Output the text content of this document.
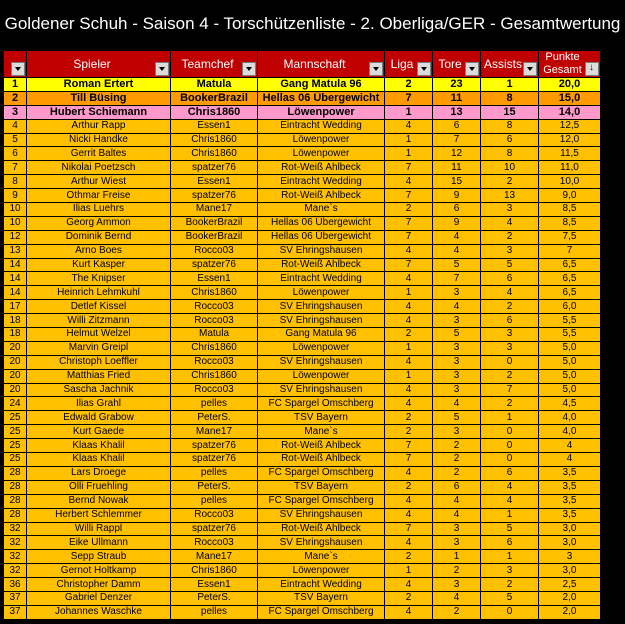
Goldener Schuh - Saison 4 - Torschützenliste - 2. Oberliga/GER - Gesamtwertung

	Spieler	Teamchef	Mannschaft	Liga	Tore	Assists	Punkte
Gesamt
↓

1	Roman Ertert	Matula	Gang Matula 96	2	23	1	20,0
2	Till Büsing	BookerBrazil	Hellas 06 Übergewicht	7	11	8	15,0
3	Hubert Schiemann	Chris1860	Löwenpower	1	13	15	14,0
4	Arthur Rapp	Essen1	Eintracht Wedding	4	6	8	12,5
5	Nicki Handke	Chris1860	Löwenpower	1	7	6	12,0
6	Gerrit Baltes	Chris1860	Löwenpower	1	12	8	11,5
7	Nikolai Poetzsch	spatzer76	Rot-Weiß Ahlbeck	7	11	10	11,0
8	Arthur Wiest	Essen1	Eintracht Wedding	4	15	2	10,0
9	Othmar Freise	spatzer76	Rot-Weiß Ahlbeck	7	9	13	9,0
10	Ilias Luehrs	Mane17	Mane`s	2	6	3	8,5
10	Georg Ammon	BookerBrazil	Hellas 06 Übergewicht	7	9	4	8,5
12	Dominik Bernd	BookerBrazil	Hellas 06 Übergewicht	7	4	2	7,5
13	Arno Boes	Rocco03	SV Ehringshausen	4	4	3	7
14	Kurt Kasper	spatzer76	Rot-Weiß Ahlbeck	7	5	5	6,5
14	The Knipser	Essen1	Eintracht Wedding	4	7	6	6,5
14	Heinrich Lehmkuhl	Chris1860	Löwenpower	1	3	4	6,5
17	Detlef Kissel	Rocco03	SV Ehringshausen	4	4	2	6,0
18	Willi Zitzmann	Rocco03	SV Ehringshausen	4	3	6	5,5
18	Helmut Welzel	Matula	Gang Matula 96	2	5	3	5,5
20	Marvin Greipl	Chris1860	Löwenpower	1	3	3	5,0
20	Christoph Loeffler	Rocco03	SV Ehringshausen	4	3	0	5,0
20	Matthias Fried	Chris1860	Löwenpower	1	3	2	5,0
20	Sascha Jachnik	Rocco03	SV Ehringshausen	4	3	7	5,0
24	Ilias Grahl	pelles	FC Spargel Omschberg	4	4	2	4,5
25	Edwald Grabow	PeterS.	TSV Bayern	2	5	1	4,0
25	Kurt Gaede	Mane17	Mane`s	2	3	0	4,0
25	Klaas Khalil	spatzer76	Rot-Weiß Ahlbeck	7	2	0	4
25	Klaas Khalil	spatzer76	Rot-Weiß Ahlbeck	7	2	0	4
28	Lars Droege	pelles	FC Spargel Omschberg	4	2	6	3,5
28	Olli Fruehling	PeterS.	TSV Bayern	2	6	4	3,5
28	Bernd Nowak	pelles	FC Spargel Omschberg	4	4	4	3,5
28	Herbert Schlemmer	Rocco03	SV Ehringshausen	4	4	1	3,5
32	Willi Rappl	spatzer76	Rot-Weiß Ahlbeck	7	3	5	3,0
32	Eike Ullmann	Rocco03	SV Ehringshausen	4	3	6	3,0
32	Sepp Straub	Mane17	Mane`s	2	1	1	3
32	Gernot Holtkamp	Chris1860	Löwenpower	1	2	3	3,0
36	Christopher Damm	Essen1	Eintracht Wedding	4	3	2	2,5
37	Gabriel Denzer	PeterS.	TSV Bayern	2	4	5	2,0
37	Johannes Waschke	pelles	FC Spargel Omschberg	4	2	0	2,0
